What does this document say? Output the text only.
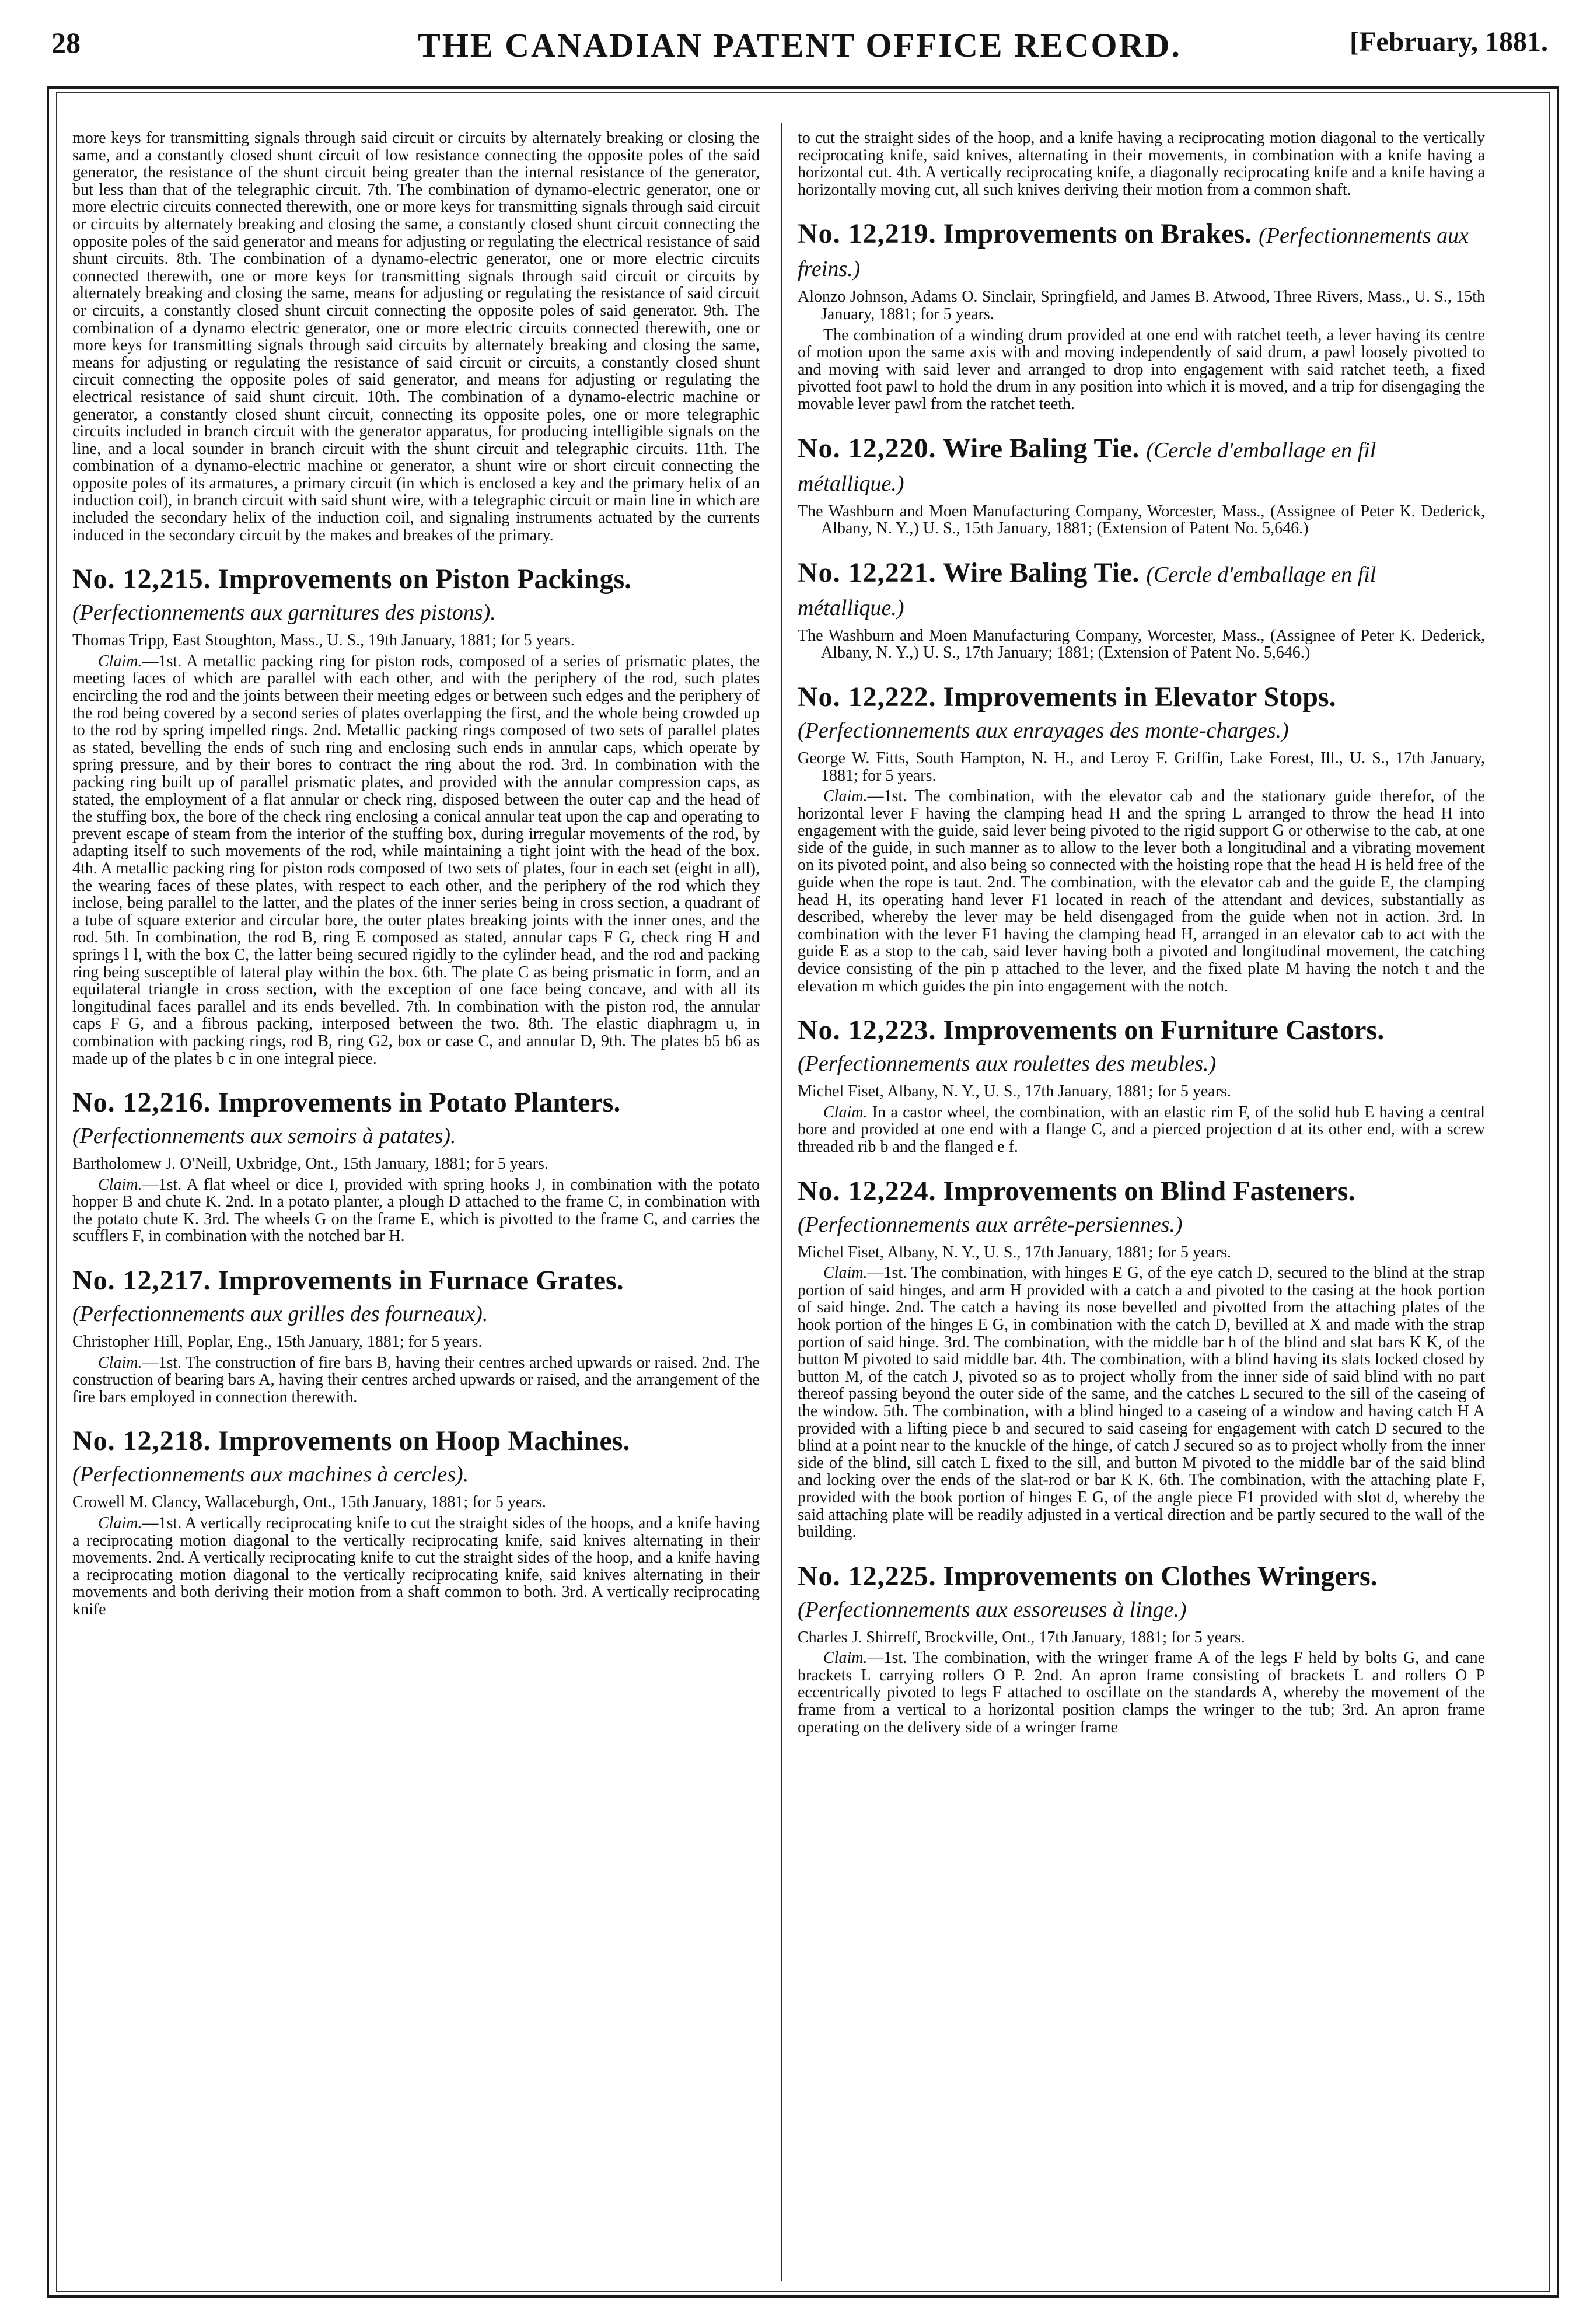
28	THE CANADIAN PATENT OFFICE RECORD.	[February, 1881.

more keys for transmitting signals through said circuit or circuits by alternately breaking or closing the same, and a constantly closed shunt circuit of low resistance connecting the opposite poles of the said generator, the resistance of the shunt circuit being greater than the internal resistance of the generator, but less than that of the telegraphic circuit. 7th. The combination of dynamo-electric generator, one or more electric circuits connected therewith, one or more keys for transmitting signals through said circuit or circuits by alternately breaking and closing the same, a constantly closed shunt circuit connecting the opposite poles of the said generator and means for adjusting or regulating the electrical resistance of said shunt circuits. 8th. The combination of a dynamo-electric generator, one or more electric circuits connected therewith, one or more keys for transmitting signals through said circuit or circuits by alternately breaking and closing the same, means for adjusting or regulating the resistance of said circuit or circuits, a constantly closed shunt circuit connecting the opposite poles of said generator. 9th. The combination of a dynamo electric generator, one or more electric circuits connected therewith, one or more keys for transmitting signals through said circuits by alternately breaking and closing the same, means for adjusting or regulating the resistance of said circuit or circuits, a constantly closed shunt circuit connecting the opposite poles of said generator, and means for adjusting or regulating the electrical resistance of said shunt circuit. 10th. The combination of a dynamo-electric machine or generator, a constantly closed shunt circuit, connecting its opposite poles, one or more telegraphic circuits included in branch circuit with the generator apparatus, for producing intelligible signals on the line, and a local sounder in branch circuit with the shunt circuit and telegraphic circuits. 11th. The combination of a dynamo-electric machine or generator, a shunt wire or short circuit connecting the opposite poles of its armatures, a primary circuit (in which is enclosed a key and the primary helix of an induction coil), in branch circuit with said shunt wire, with a telegraphic circuit or main line in which are included the secondary helix of the induction coil, and signaling instruments actuated by the currents induced in the secondary circuit by the makes and breakes of the primary.

No. 12,215. Improvements on Piston Packings. (Perfectionnements aux garnitures des pistons).

Thomas Tripp, East Stoughton, Mass., U. S., 19th January, 1881; for 5 years.

Claim.—1st. A metallic packing ring for piston rods, composed of a series of prismatic plates, the meeting faces of which are parallel with each other, and with the periphery of the rod, such plates encircling the rod and the joints between their meeting edges or between such edges and the periphery of the rod being covered by a second series of plates overlapping the first, and the whole being crowded up to the rod by spring impelled rings. 2nd. Metallic packing rings composed of two sets of parallel plates as stated, bevelling the ends of such ring and enclosing such ends in annular caps, which operate by spring pressure, and by their bores to contract the ring about the rod. 3rd. In combination with the packing ring built up of parallel prismatic plates, and provided with the annular compression caps, as stated, the employment of a flat annular or check ring, disposed between the outer cap and the head of the stuffing box, the bore of the check ring enclosing a conical annular teat upon the cap and operating to prevent escape of steam from the interior of the stuffing box, during irregular movements of the rod, by adapting itself to such movements of the rod, while maintaining a tight joint with the head of the box. 4th. A metallic packing ring for piston rods composed of two sets of plates, four in each set (eight in all), the wearing faces of these plates, with respect to each other, and the periphery of the rod which they inclose, being parallel to the latter, and the plates of the inner series being in cross section, a quadrant of a tube of square exterior and circular bore, the outer plates breaking joints with the inner ones, and the rod. 5th. In combination, the rod B, ring E composed as stated, annular caps F G, check ring H and springs l l, with the box C, the latter being secured rigidly to the cylinder head, and the rod and packing ring being susceptible of lateral play within the box. 6th. The plate C as being prismatic in form, and an equilateral triangle in cross section, with the exception of one face being concave, and with all its longitudinal faces parallel and its ends bevelled. 7th. In combination with the piston rod, the annular caps F G, and a fibrous packing, interposed between the two. 8th. The elastic diaphragm u, in combination with packing rings, rod B, ring G2, box or case C, and annular D, 9th. The plates b5 b6 as made up of the plates b c in one integral piece.

No. 12,216. Improvements in Potato Planters. (Perfectionnements aux semoirs à patates).

Bartholomew J. O'Neill, Uxbridge, Ont., 15th January, 1881; for 5 years.

Claim.—1st. A flat wheel or dice I, provided with spring hooks J, in combination with the potato hopper B and chute K. 2nd. In a potato planter, a plough D attached to the frame C, in combination with the potato chute K. 3rd. The wheels G on the frame E, which is pivotted to the frame C, and carries the scufflers F, in combination with the notched bar H.

No. 12,217. Improvements in Furnace Grates. (Perfectionnements aux grilles des fourneaux).

Christopher Hill, Poplar, Eng., 15th January, 1881; for 5 years.

Claim.—1st. The construction of fire bars B, having their centres arched upwards or raised. 2nd. The construction of bearing bars A, having their centres arched upwards or raised, and the arrangement of the fire bars employed in connection therewith.

No. 12,218. Improvements on Hoop Machines. (Perfectionnements aux machines à cercles).

Crowell M. Clancy, Wallaceburgh, Ont., 15th January, 1881; for 5 years.

Claim.—1st. A vertically reciprocating knife to cut the straight sides of the hoops, and a knife having a reciprocating motion diagonal to the vertically reciprocating knife, said knives alternating in their movements. 2nd. A vertically reciprocating knife to cut the straight sides of the hoop, and a knife having a reciprocating motion diagonal to the vertically reciprocating knife, said knives alternating in their movements and both deriving their motion from a shaft common to both. 3rd. A vertically reciprocating knife

to cut the straight sides of the hoop, and a knife having a reciprocating motion diagonal to the vertically reciprocating knife, said knives, alternating in their movements, in combination with a knife having a horizontal cut. 4th. A vertically reciprocating knife, a diagonally reciprocating knife and a knife having a horizontally moving cut, all such knives deriving their motion from a common shaft.

No. 12,219. Improvements on Brakes. (Perfectionnements aux freins.)

Alonzo Johnson, Adams O. Sinclair, Springfield, and James B. Atwood, Three Rivers, Mass., U. S., 15th January, 1881; for 5 years.

The combination of a winding drum provided at one end with ratchet teeth, a lever having its centre of motion upon the same axis with and moving independently of said drum, a pawl loosely pivotted to and moving with said lever and arranged to drop into engagement with said ratchet teeth, a fixed pivotted foot pawl to hold the drum in any position into which it is moved, and a trip for disengaging the movable lever pawl from the ratchet teeth.

No. 12,220. Wire Baling Tie. (Cercle d'emballage en fil métallique.)

The Washburn and Moen Manufacturing Company, Worcester, Mass., (Assignee of Peter K. Dederick, Albany, N. Y.,) U. S., 15th January, 1881; (Extension of Patent No. 5,646.)

No. 12,221. Wire Baling Tie. (Cercle d'emballage en fil métallique.)

The Washburn and Moen Manufacturing Company, Worcester, Mass., (Assignee of Peter K. Dederick, Albany, N. Y.,) U. S., 17th January; 1881; (Extension of Patent No. 5,646.)

No. 12,222. Improvements in Elevator Stops. (Perfectionnements aux enrayages des monte-charges.)

George W. Fitts, South Hampton, N. H., and Leroy F. Griffin, Lake Forest, Ill., U. S., 17th January, 1881; for 5 years.

Claim.—1st. The combination, with the elevator cab and the stationary guide therefor, of the horizontal lever F having the clamping head H and the spring L arranged to throw the head H into engagement with the guide, said lever being pivoted to the rigid support G or otherwise to the cab, at one side of the guide, in such manner as to allow to the lever both a longitudinal and a vibrating movement on its pivoted point, and also being so connected with the hoisting rope that the head H is held free of the guide when the rope is taut. 2nd. The combination, with the elevator cab and the guide E, the clamping head H, its operating hand lever F1 located in reach of the attendant and devices, substantially as described, whereby the lever may be held disengaged from the guide when not in action. 3rd. In combination with the lever F1 having the clamping head H, arranged in an elevator cab to act with the guide E as a stop to the cab, said lever having both a pivoted and longitudinal movement, the catching device consisting of the pin p attached to the lever, and the fixed plate M having the notch t and the elevation m which guides the pin into engagement with the notch.

No. 12,223. Improvements on Furniture Castors. (Perfectionnements aux roulettes des meubles.)

Michel Fiset, Albany, N. Y., U. S., 17th January, 1881; for 5 years.

Claim. In a castor wheel, the combination, with an elastic rim F, of the solid hub E having a central bore and provided at one end with a flange C, and a pierced projection d at its other end, with a screw threaded rib b and the flanged e f.

No. 12,224. Improvements on Blind Fasteners. (Perfectionnements aux arrête-persiennes.)

Michel Fiset, Albany, N. Y., U. S., 17th January, 1881; for 5 years.

Claim.—1st. The combination, with hinges E G, of the eye catch D, secured to the blind at the strap portion of said hinges, and arm H provided with a catch a and pivoted to the casing at the hook portion of said hinge. 2nd. The catch a having its nose bevelled and pivotted from the attaching plates of the hook portion of the hinges E G, in combination with the catch D, bevilled at X and made with the strap portion of said hinge. 3rd. The combination, with the middle bar h of the blind and slat bars K K, of the button M pivoted to said middle bar. 4th. The combination, with a blind having its slats locked closed by button M, of the catch J, pivoted so as to project wholly from the inner side of said blind with no part thereof passing beyond the outer side of the same, and the catches L secured to the sill of the caseing of the window. 5th. The combination, with a blind hinged to a caseing of a window and having catch H A provided with a lifting piece b and secured to said caseing for engagement with catch D secured to the blind at a point near to the knuckle of the hinge, of catch J secured so as to project wholly from the inner side of the blind, sill catch L fixed to the sill, and button M pivoted to the middle bar of the said blind and locking over the ends of the slat-rod or bar K K. 6th. The combination, with the attaching plate F, provided with the book portion of hinges E G, of the angle piece F1 provided with slot d, whereby the said attaching plate will be readily adjusted in a vertical direction and be partly secured to the wall of the building.

No. 12,225. Improvements on Clothes Wringers. (Perfectionnements aux essoreuses à linge.)

Charles J. Shirreff, Brockville, Ont., 17th January, 1881; for 5 years.

Claim.—1st. The combination, with the wringer frame A of the legs F held by bolts G, and cane brackets L carrying rollers O P. 2nd. An apron frame consisting of brackets L and rollers O P eccentrically pivoted to legs F attached to oscillate on the standards A, whereby the movement of the frame from a vertical to a horizontal position clamps the wringer to the tub; 3rd. An apron frame operating on the delivery side of a wringer frame
